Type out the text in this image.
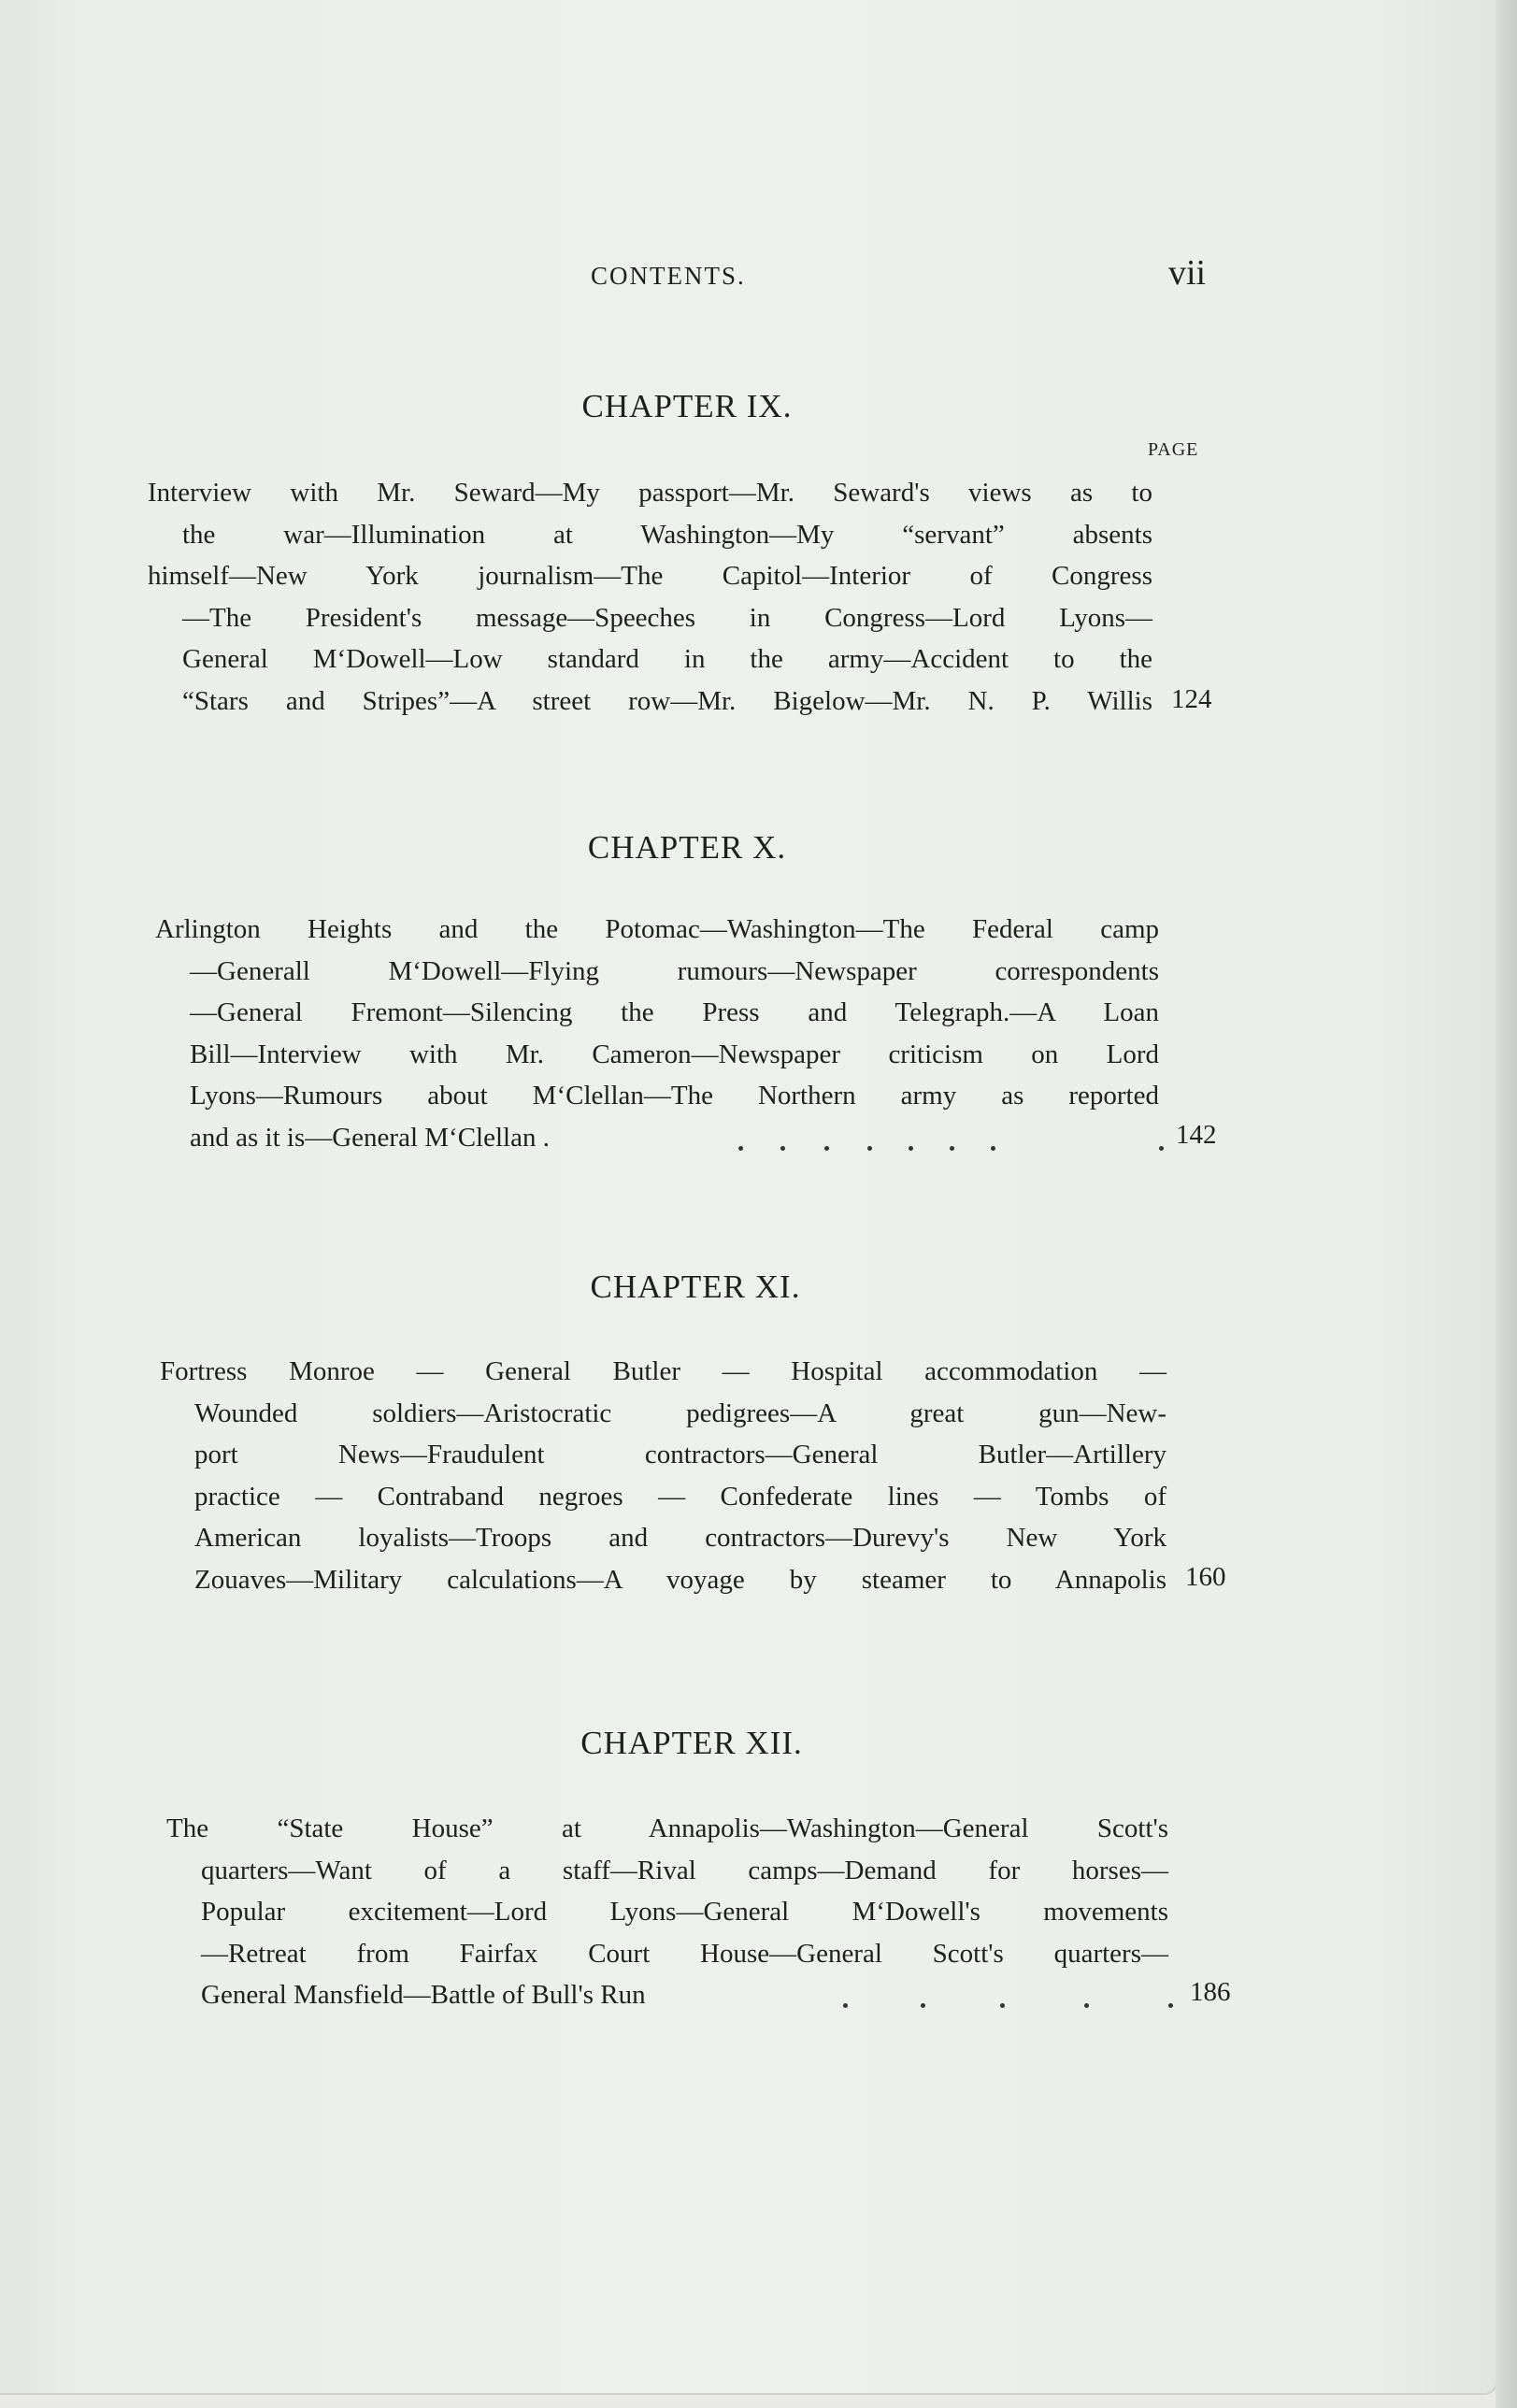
CONTENTS.	vii
CHAPTER IX.
PAGE
Interview with Mr. Seward—My passport—Mr. Seward's views as to
the war—Illumination at Washington—My “servant” absents
himself—New York journalism—The Capitol—Interior of Congress
—The President's message—Speeches in Congress—Lord Lyons—
General M‘Dowell—Low standard in the army—Accident to the
“Stars and Stripes”—A street row—Mr. Bigelow—Mr. N. P. Willis 124
CHAPTER X.
Arlington Heights and the Potomac—Washington—The Federal camp
—Generall M‘Dowell—Flying rumours—Newspaper correspondents
—General Fremont—Silencing the Press and Telegraph.—A Loan
Bill—Interview with Mr. Cameron—Newspaper criticism on Lord
Lyons—Rumours about M‘Clellan—The Northern army as reported
and as it is—General M‘Clellan .	142
CHAPTER XI.
Fortress Monroe — General Butler — Hospital accommodation —
Wounded soldiers—Aristocratic pedigrees—A great gun—New-
port News—Fraudulent contractors—General Butler—Artillery
practice — Contraband negroes — Confederate lines — Tombs of
American loyalists—Troops and contractors—Durevy's New York
Zouaves—Military calculations—A voyage by steamer to Annapolis 160
CHAPTER XII.
The “State House” at Annapolis—Washington—General Scott's
quarters—Want of a staff—Rival camps—Demand for horses—
Popular excitement—Lord Lyons—General M‘Dowell's movements
—Retreat from Fairfax Court House—General Scott's quarters—
General Mansfield—Battle of Bull's Run	186
